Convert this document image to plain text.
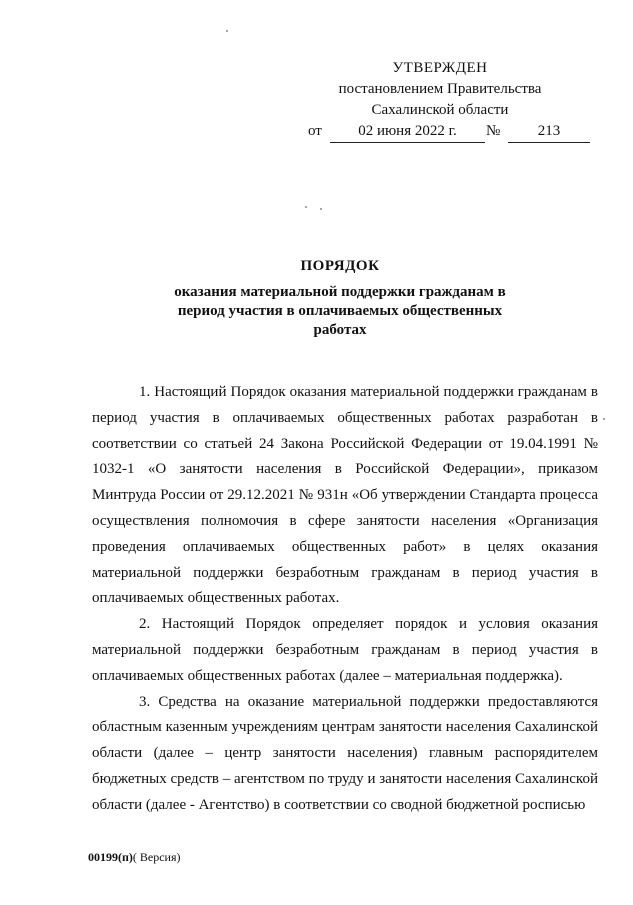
УТВЕРЖДЕН
постановлением Правительства
Сахалинской области
от	02 июня 2022 г.	№	213
ПОРЯДОК
оказания материальной поддержки гражданам в период участия в оплачиваемых общественных работах

1. Настоящий Порядок оказания материальной поддержки гражданам в период участия в оплачиваемых общественных работах разработан в соответствии со статьей 24 Закона Российской Федерации от 19.04.1991 № 1032-1 «О занятости населения в Российской Федерации», приказом Минтруда России от 29.12.2021 № 931н «Об утверждении Стандарта процесса осуществления полномочия в сфере занятости населения «Организация проведения оплачиваемых общественных работ» в целях оказания материальной поддержки безработным гражданам в период участия в оплачиваемых общественных работах.

2. Настоящий Порядок определяет порядок и условия оказания материальной поддержки безработным гражданам в период участия в оплачиваемых общественных работах (далее – материальная поддержка).

3. Средства на оказание материальной поддержки предоставляются областным казенным учреждениям центрам занятости населения Сахалинской области (далее – центр занятости населения) главным распорядителем бюджетных средств – агентством по труду и занятости населения Сахалинской области (далее - Агентство) в соответствии со сводной бюджетной росписью

00199(п)( Версия)
